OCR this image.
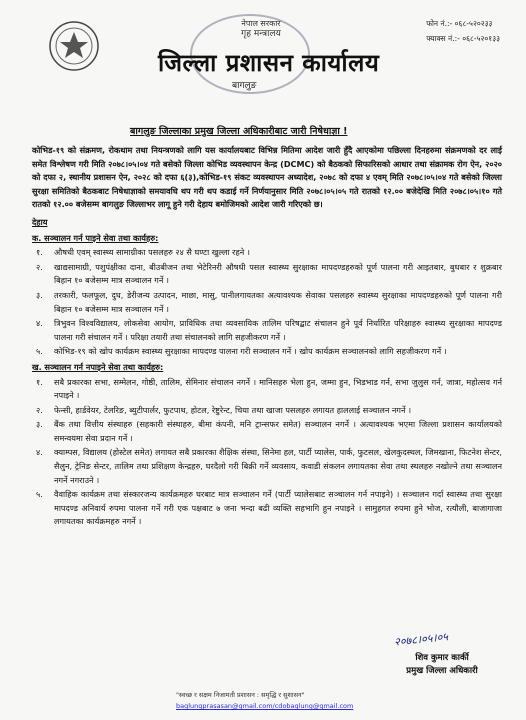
नेपाल सरकार
गृह मन्त्रालय
जिल्ला प्रशासन कार्यालय
बागलुङ
फोन नं.:- ०६८-५२०२३३
फ्याक्स नं.:- ०६८-५२०१३३
बागलुङ जिल्लाका प्रमुख जिल्ला अधिकारीबाट जारी निषेधाज्ञा !

कोभिड-१९ को संक्रमण, रोकथाम तथा नियन्त्रणको लागि यस कार्यालयबाट विभिन्न मितिमा आदेश जारी हुँदै आएकोमा पछिल्ला दिनहरुमा संक्रमणको दर लाई समेत विश्लेषण गरी मिति २०७८।०५।०४ गते बसेको जिल्ला कोभिड व्यवस्थापन केन्द्र (DCMC) को बैठकको सिफारिसको आधार तथा संक्रामक रोग ऐन, २०२० को दफा २, स्थानीय प्रशासन ऐन, २०२८ को दफा ६(३),कोभिड-१९ संकट व्यवस्थापन अध्यादेश, २०७८ को दफा ४ एवम् मिति २०७८।०५।०४ गते बसेको जिल्ला सुरक्षा समितिको बैठकबाट निषेधाज्ञाको समयावधि थप गरी थप कडाई गर्ने निर्णयानुसार मिति २०७८।०५।०५ गते रातको १२.०० बजेदेखि मिति २०७८।०५।१० गते रातको १२.०० बजेसम्म बागलुङ जिल्लाभर लागू हुने गरी देहाय बमोजिमको आदेश जारी गरिएको छ।

देहाय
क. सञ्चालन गर्न पाइने सेवा तथा कार्यहरु:
१.	औषधी एवम् स्वास्थ्य सामाग्रीका पसलहरु २४ सै घण्टा खुल्ला रहने ।
२.	खाद्यसामाग्री, पशुपंक्षीका दाना, बीउबीजन तथा भेटेरिनरी औषधी पसल स्वास्थ्य सुरक्षाका मापदण्डहरुको पूर्ण पालना गरी आइतबार, बुधबार र शुक्रबार बिहान १० बजेसम्म मात्र सञ्चालन गर्ने ।
३.	तरकारी, फलफूल, दुध, डेरीजन्य उत्पादन, माछा, मासु, पानीलगायतका अत्यावश्यक सेवाका पसलहरु स्वास्थ्य सुरक्षाका मापदण्डहरुको पूर्ण पालना गरी बिहान १० बजेसम्म मात्र सञ्चालन गर्ने ।
४.	त्रिभुवन विश्वविद्यालय, लोकसेवा आयोग, प्राविधिक तथा व्यवसायिक तालिम परिषद्बाट संचालन हुने पूर्व निर्धारित परिक्षाहरु स्वास्थ्य सुरक्षाका मापदण्ड पालना गरी संचालन गर्ने । परिक्षा तयारी तथा संचालनको लागि सहजीकरण गर्ने ।
५.	कोभिड-१९ को खोप कार्यक्रम स्वास्थ्य सुरक्षाका मापदण्ड पालना गरी सञ्चालन गर्ने । खोप कार्यक्रम सञ्चालनको लागि सहजीकरण गर्ने ।
ख. सञ्चालन गर्न नपाइने सेवा तथा कार्यहरु:
१.	सबै प्रकारका सभा, सम्मेलन, गोष्ठी, तालिम, सेमिनार संचालन नगर्ने । मानिसहरु भेला हुन, जम्मा हुन, भिडभाड गर्न, सभा जुलुस गर्न, जात्रा, महोत्सव गर्न नपाइने ।
२.	फेन्सी, हार्डवेयर, टेलरिङ, ब्युटीपार्लर, फुटपाथ, होटल, रेष्टुरेन्ट, चिया तथा खाजा पसलहरु लगायत हाललाई सञ्चालन नगर्ने ।
३.	बैंक तथा वित्तीय संस्थाहरु (सहकारी संस्थाहरु, बीमा कंपनी, मनि ट्रान्सफर समेत) सञ्चालन नगर्ने । अत्यावश्यक भएमा जिल्ला प्रशासन कार्यालयको समन्वयमा सेवा प्रदान गर्ने ।
४.	क्याम्पस, विद्यालय (होस्टेल समेत) लगायत सबै प्रकारका शैक्षिक संस्था, सिनेमा हल, पार्टी प्यालेस, पार्क, फुटसल, खेलकुदस्थल, जिमखाना, फिटनेश सेन्टर, सैलुन, ट्रेनिङ सेन्टर, तालिम तथा प्रशिक्षण केन्द्रहरु, घरदैलो गरी बिक्री गर्ने व्यवसाय, कवाडी संकलन लगायतका सेवा तथा स्थलहरु नखोल्ने तथा सञ्चालन नगर्ने नगराउने ।
५.	वैवाहिक कार्यक्रम तथा संस्कारजन्य कार्यक्रमहरु घरबाट मात्र सञ्चालन गर्ने (पार्टी प्यालेसबाट सञ्चालन गर्न नपाइने) । सञ्चालन गर्दा स्वास्थ्य तथा सुरक्षा मापदण्ड अनिवार्य रुपमा पालना गर्ने गरी एक पक्षबाट ७ जना भन्दा बढी व्यक्ति सहभागि हुन नपाइने । सामुहगत रुपमा हुने भोज, रत्यौली, बाजागाजा लगायतका कार्यक्रमहरु नगर्ने ।
२०७८।०५।०५
शिव कुमार कार्की
प्रमुख जिल्ला अधिकारी
"स्वच्छ र सक्षम निजामती प्रशासन : समृद्धि र सुशासन"
baglungprasasan@gmail.com/cdobaglung@gmail.com
